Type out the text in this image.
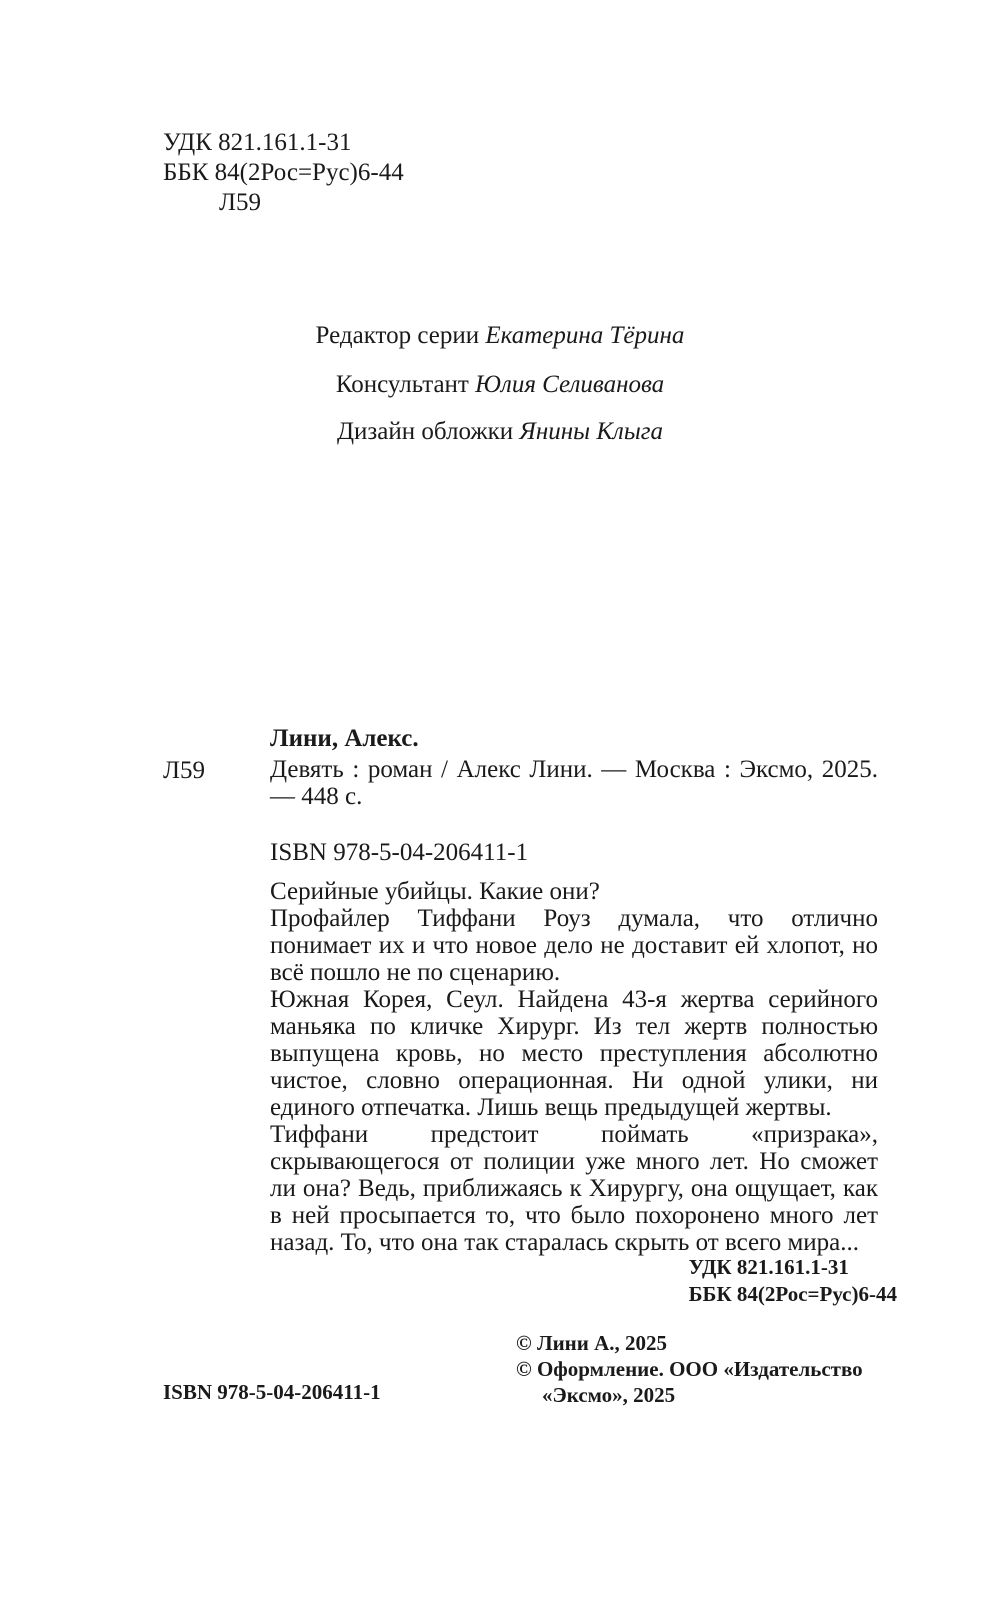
УДК 821.161.1-31
ББК 84(2Рос=Рус)6-44
Л59
Редактор серии Екатерина Тёрина
Консультант Юлия Селиванова
Дизайн обложки Янины Клыга
Лини, Алекс.
Л59	Девять : роман / Алекс Лини. — Москва : Эксмо, 2025. — 448 с.

ISBN 978-5-04-206411-1

Серийные убийцы. Какие они?

Профайлер Тиффани Роуз думала, что отлично понимает их и что новое дело не доставит ей хлопот, но всё пошло не по сценарию.

Южная Корея, Сеул. Найдена 43-я жертва серийного маньяка по кличке Хирург. Из тел жертв полностью выпущена кровь, но место преступления абсолютно чистое, словно операционная. Ни одной улики, ни единого отпечатка. Лишь вещь предыдущей жертвы.

Тиффани предстоит поймать «призрака», скрывающегося от полиции уже много лет. Но сможет ли она? Ведь, приближаясь к Хирургу, она ощущает, как в ней просыпается то, что было похоронено много лет назад. То, что она так старалась скрыть от всего мира...

УДК 821.161.1-31
ББК 84(2Рос=Рус)6-44
© Лини А., 2025
© Оформление. ООО «Издательство
«Эксмо», 2025
ISBN 978-5-04-206411-1
